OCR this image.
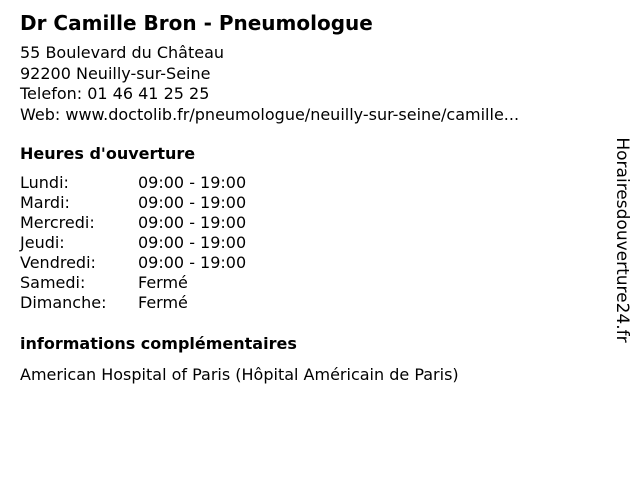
Dr Camille Bron - Pneumologue
55 Boulevard du Château
92200 Neuilly-sur-Seine
Telefon: 01 46 41 25 25
Web: www.doctolib.fr/pneumologue/neuilly-sur-seine/camille...
Heures d'ouverture
Lundi:	09:00 - 19:00
Mardi:	09:00 - 19:00
Mercredi:	09:00 - 19:00
Jeudi:	09:00 - 19:00
Vendredi:	09:00 - 19:00
Samedi:	Fermé
Dimanche:	Fermé
informations complémentaires
American Hospital of Paris (Hôpital Américain de Paris)
Horairesdouverture24.fr
